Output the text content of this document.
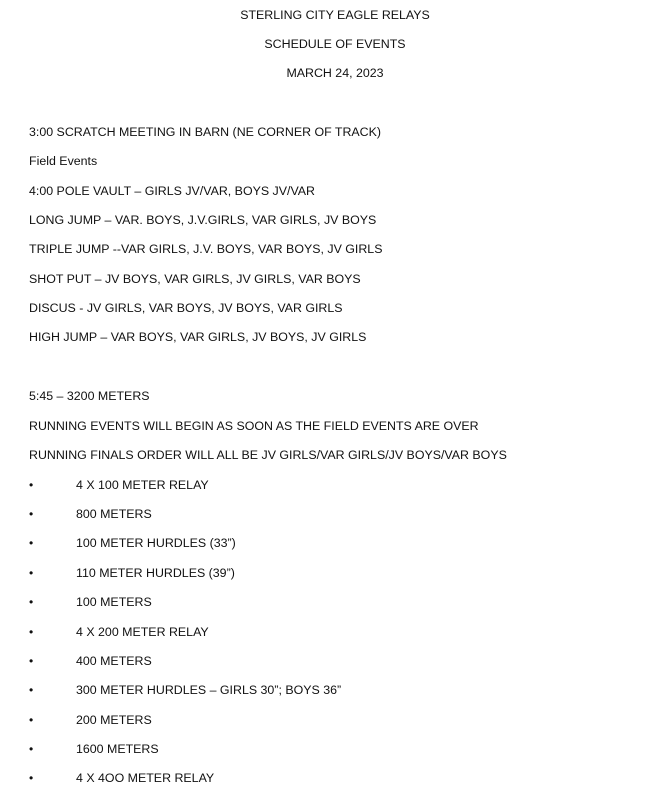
STERLING CITY EAGLE RELAYS
SCHEDULE OF EVENTS
MARCH 24, 2023
3:00 SCRATCH MEETING IN BARN (NE CORNER OF TRACK)
Field Events
4:00 POLE VAULT – GIRLS JV/VAR, BOYS JV/VAR
LONG JUMP – VAR. BOYS, J.V.GIRLS, VAR GIRLS, JV BOYS
TRIPLE JUMP --VAR GIRLS, J.V. BOYS, VAR BOYS, JV GIRLS
SHOT PUT – JV BOYS, VAR GIRLS, JV GIRLS, VAR BOYS
DISCUS - JV GIRLS, VAR BOYS, JV BOYS, VAR GIRLS
HIGH JUMP – VAR BOYS, VAR GIRLS, JV BOYS, JV GIRLS
5:45 – 3200 METERS
RUNNING EVENTS WILL BEGIN AS SOON AS THE FIELD EVENTS ARE OVER
RUNNING FINALS ORDER WILL ALL BE JV GIRLS/VAR GIRLS/JV BOYS/VAR BOYS
•	4 X 100 METER RELAY
•	800 METERS
•	100 METER HURDLES (33”)
•	110 METER HURDLES (39”)
•	100 METERS
•	4 X 200 METER RELAY
•	400 METERS
•	300 METER HURDLES – GIRLS 30”; BOYS 36”
•	200 METERS
•	1600 METERS
•	4 X 4OO METER RELAY
